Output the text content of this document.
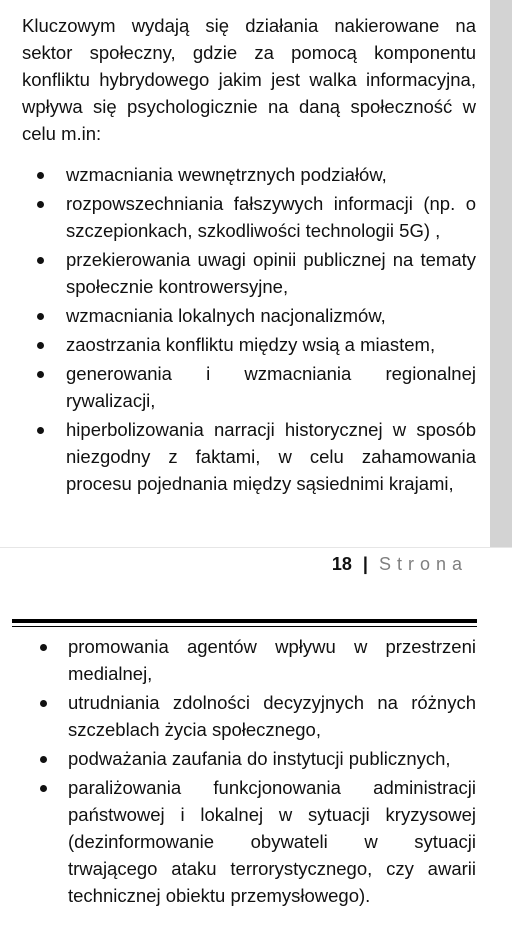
Kluczowym wydają się działania nakierowane na sektor społeczny, gdzie za pomocą komponentu konfliktu hybrydowego jakim jest walka informacyjna, wpływa się psychologicznie na daną społeczność w celu m.in:

wzmacniania wewnętrznych podziałów,
rozpowszechniania fałszywych informacji (np. o szczepionkach, szkodliwości technologii 5G) ,
przekierowania uwagi opinii publicznej na tematy społecznie kontrowersyjne,
wzmacniania lokalnych nacjonalizmów,
zaostrzania konfliktu między wsią a miastem,
generowania i wzmacniania regionalnej rywalizacji,
hiperbolizowania narracji historycznej w sposób niezgodny z faktami, w celu zahamowania procesu pojednania między sąsiednimi krajami,
18 | Strona
promowania agentów wpływu w przestrzeni medialnej,
utrudniania zdolności decyzyjnych na różnych szczeblach życia społecznego,
podważania zaufania do instytucji publicznych,
paraliżowania funkcjonowania administracji państwowej i lokalnej w sytuacji kryzysowej (dezinformowanie obywateli w sytuacji trwającego ataku terrorystycznego, czy awarii technicznej obiektu przemysłowego).
